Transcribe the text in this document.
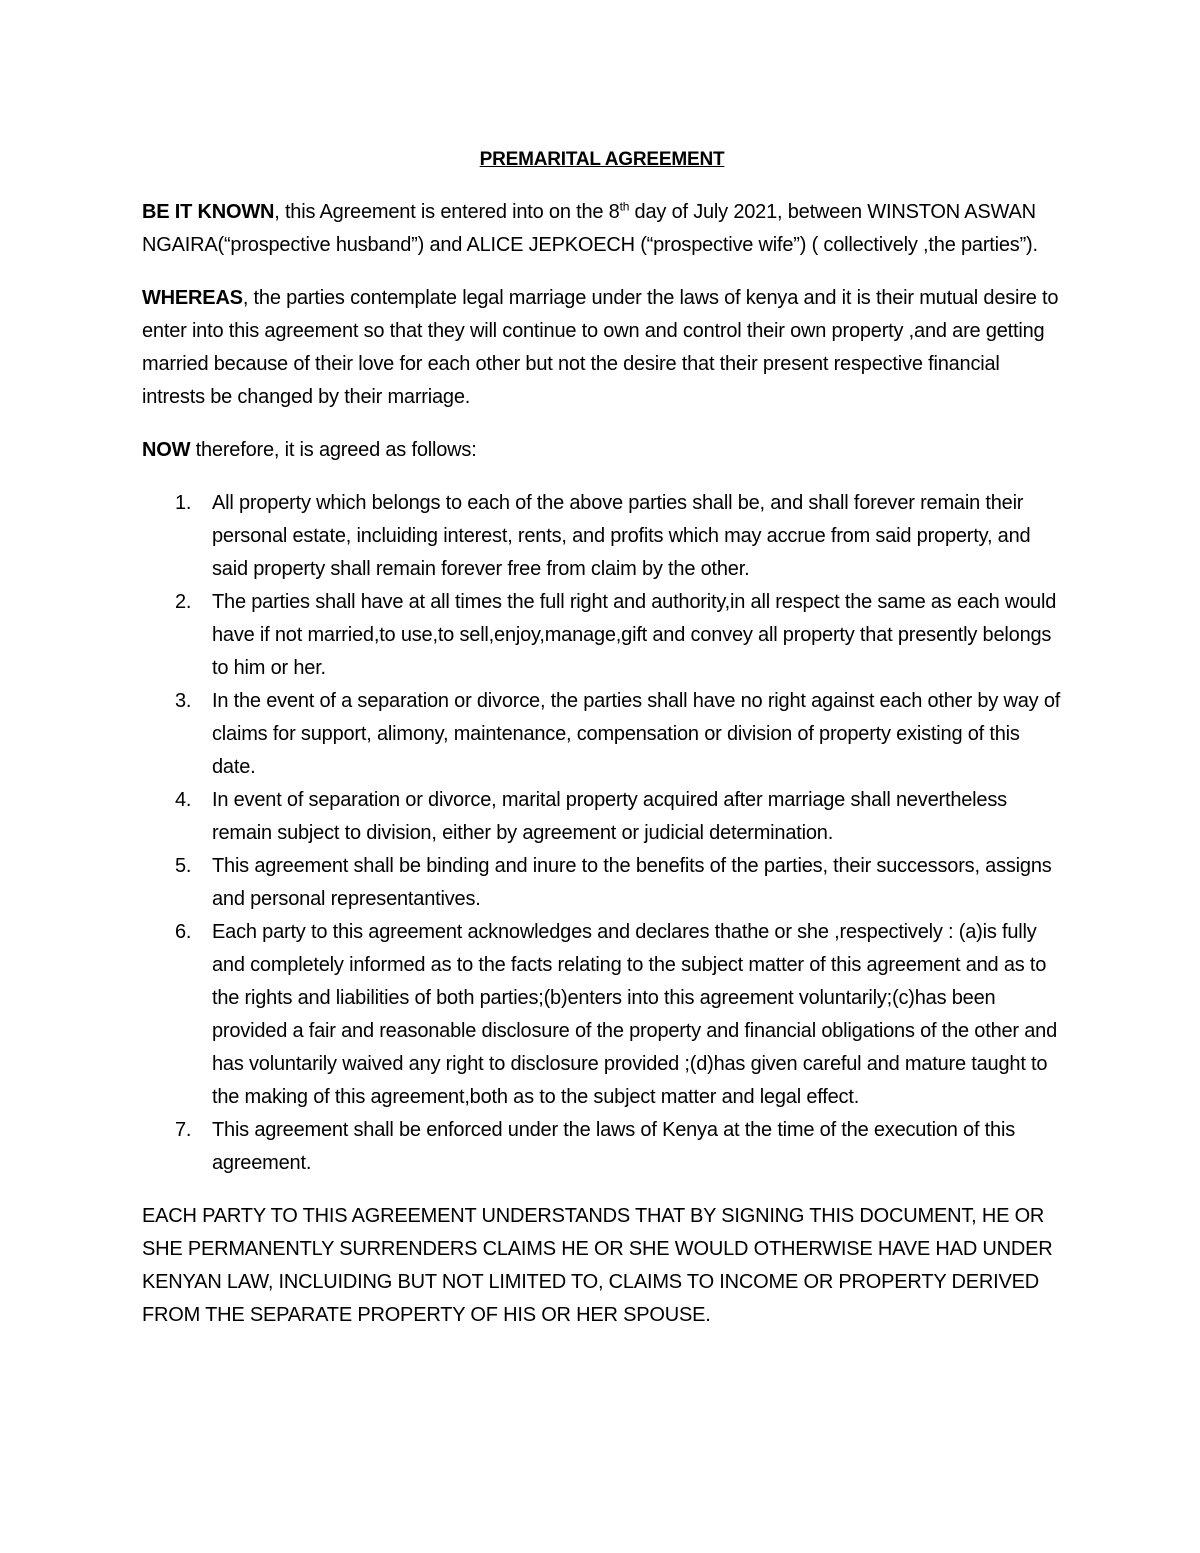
PREMARITAL AGREEMENT

BE IT KNOWN, this Agreement is entered into on the 8th day of July 2021, between WINSTON ASWAN NGAIRA(“prospective husband”) and ALICE JEPKOECH (“prospective wife”) ( collectively ,the parties”).

WHEREAS, the parties contemplate legal marriage under the laws of kenya and it is their mutual desire to enter into this agreement so that they will continue to own and control their own property ,and are getting married because of their love for each other but not the desire that their present respective financial intrests be changed by their marriage.

NOW therefore, it is agreed as follows:

1. All property which belongs to each of the above parties shall be, and shall forever remain their personal estate, incluiding interest, rents, and profits which may accrue from said property, and said property shall remain forever free from claim by the other.
2. The parties shall have at all times the full right and authority,in all respect the same as each would have if not married,to use,to sell,enjoy,manage,gift and convey all property that presently belongs to him or her.
3. In the event of a separation or divorce, the parties shall have no right against each other by way of claims for support, alimony, maintenance, compensation or division of property existing of this date.
4. In event of separation or divorce, marital property acquired after marriage shall nevertheless remain subject to division, either by agreement or judicial determination.
5. This agreement shall be binding and inure to the benefits of the parties, their successors, assigns and personal representantives.
6. Each party to this agreement acknowledges and declares thathe or she ,respectively : (a)is fully and completely informed as to the facts relating to the subject matter of this agreement and as to the rights and liabilities of both parties;(b)enters into this agreement voluntarily;(c)has been provided a fair and reasonable disclosure of the property and financial obligations of the other and has voluntarily waived any right to disclosure provided ;(d)has given careful and mature taught to the making of this agreement,both as to the subject matter and legal effect.
7. This agreement shall be enforced under the laws of Kenya at the time of the execution of this agreement.

EACH PARTY TO THIS AGREEMENT UNDERSTANDS THAT BY SIGNING THIS DOCUMENT, HE OR SHE PERMANENTLY SURRENDERS CLAIMS HE OR SHE WOULD OTHERWISE HAVE HAD UNDER KENYAN LAW, INCLUIDING BUT NOT LIMITED TO, CLAIMS TO INCOME OR PROPERTY DERIVED FROM THE SEPARATE PROPERTY OF HIS OR HER SPOUSE.
